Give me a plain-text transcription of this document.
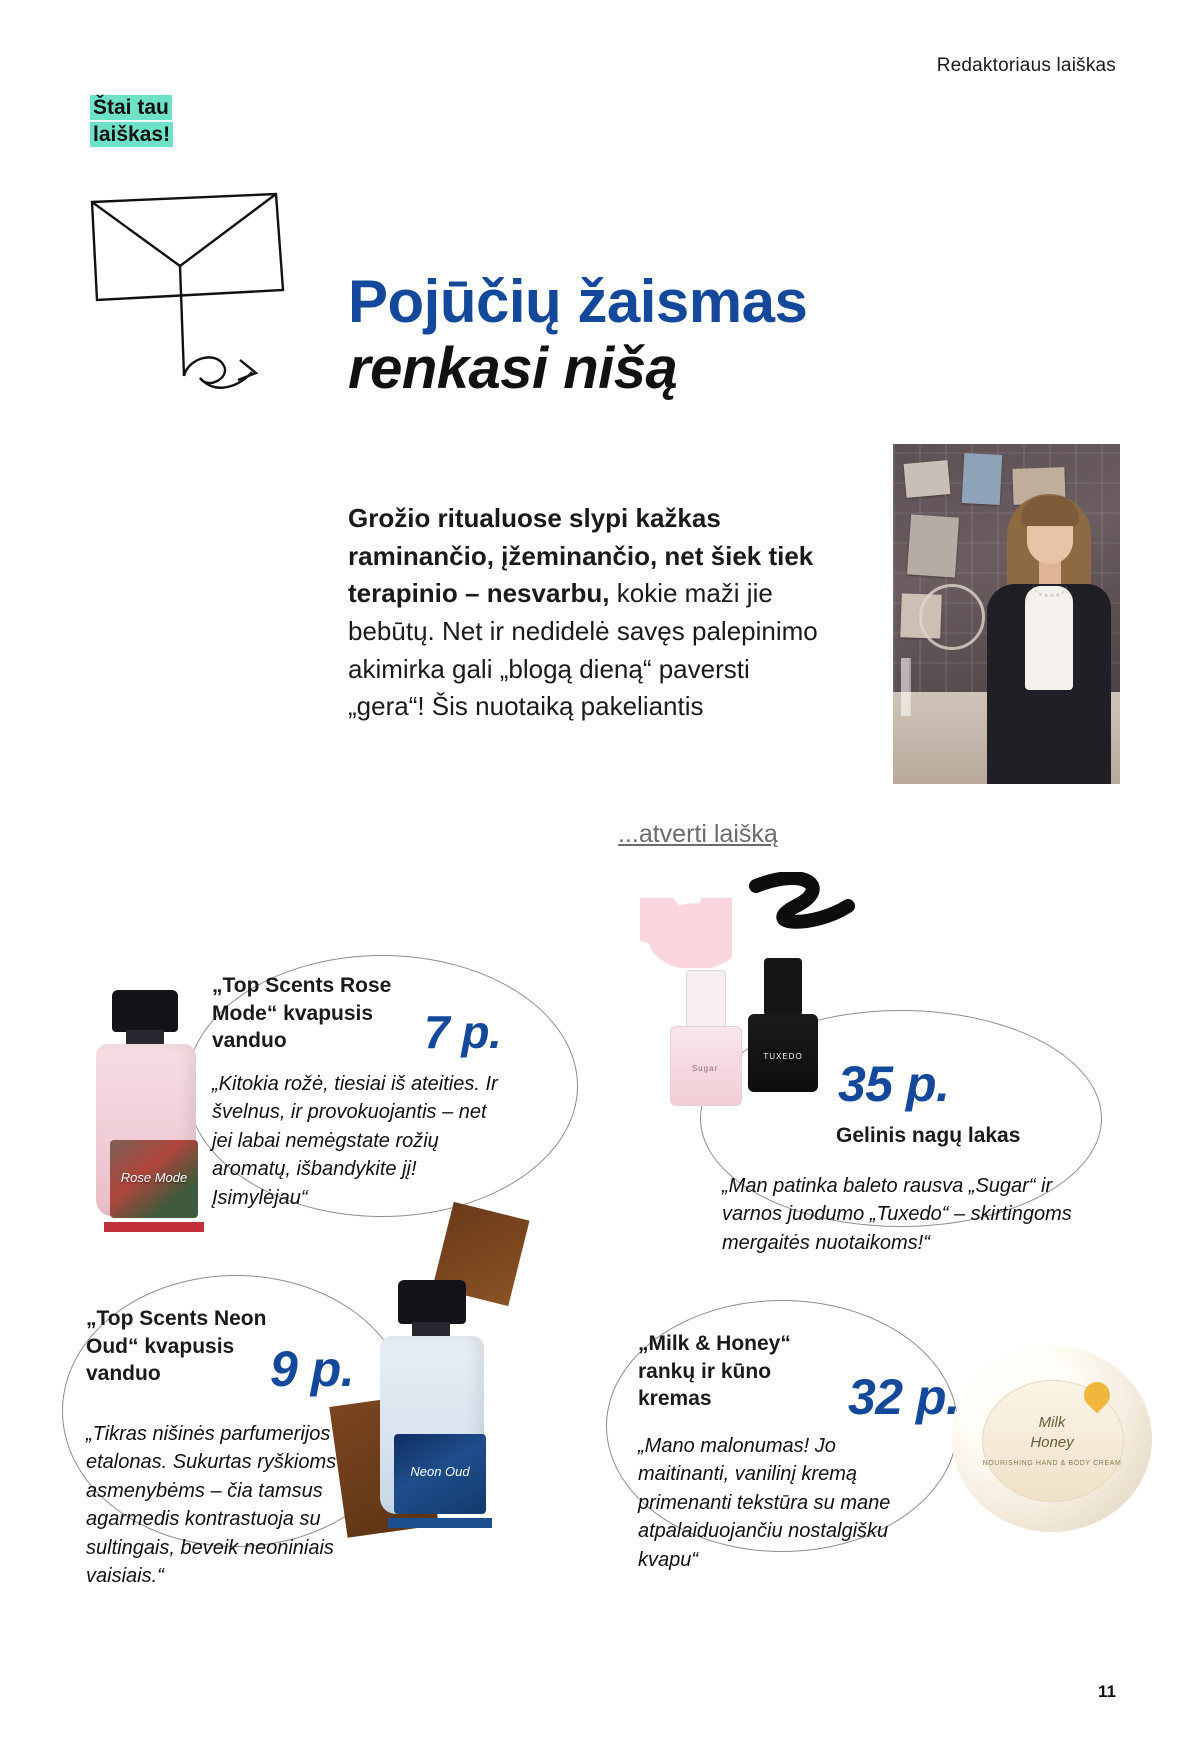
Redaktoriaus laiškas
Štai tau
laiškas!
Pojūčių žaismas
renkasi nišą
Grožio ritualuose slypi kažkas raminančio, įžeminančio, net šiek tiek terapinio – nesvarbu, kokie maži jie bebūtų. Net ir nedidelė savęs palepinimo akimirka gali „blogą dieną“ paversti „gera“! Šis nuotaiką pakeliantis
...atverti laišką
Rose Mode
„Top Scents Rose Mode“ kvapusis vanduo	7 p.
„Kitokia rožė, tiesiai iš ateities. Ir švelnus, ir provokuojantis – net jei labai nemėgstate rožių aromatų, išbandykite jį! Įsimylėjau“
Sugar
TUXEDO 35 p.
Gelinis nagų lakas
„Man patinka baleto rausva „Sugar“ ir varnos juodumo „Tuxedo“ – skirtingoms mergaitės nuotaikoms!“
Neon Oud
„Top Scents Neon Oud“ kvapusis vanduo	9 p.
„Tikras nišinės parfumerijos etalonas. Sukurtas ryškioms asmenybėms – čia tamsus agarmedis kontrastuoja su sultingais, beveik neoniniais vaisiais.“
Milk
Honey
NOURISHING HAND & BODY CREAM
„Milk & Honey“ rankų ir kūno kremas	32 p.
„Mano malonumas! Jo maitinanti, vanilinį kremą primenanti tekstūra su mane atpalaiduojančiu nostalgišku kvapu“
11
